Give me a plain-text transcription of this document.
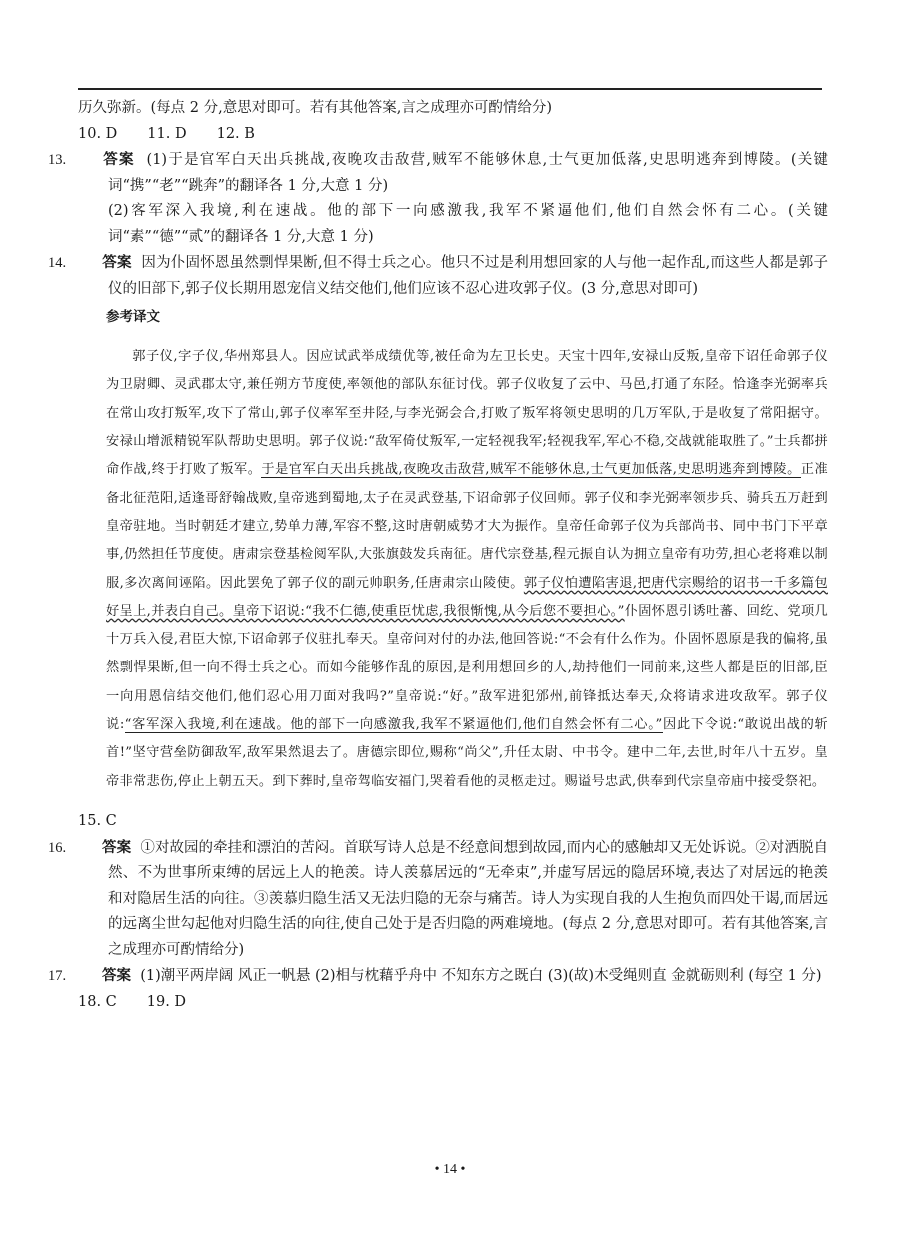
历久弥新。(每点 2 分,意思对即可。若有其他答案,言之成理亦可酌情给分)

10. D 11. D 12. B

13. 答案 (1)于是官军白天出兵挑战,夜晚攻击敌营,贼军不能够休息,士气更加低落,史思明逃奔到博陵。(关键词“携”“老”“跳奔”的翻译各 1 分,大意 1 分)

(2)客军深入我境,利在速战。他的部下一向感激我,我军不紧逼他们,他们自然会怀有二心。(关键词“素”“德”“贰”的翻译各 1 分,大意 1 分)

14. 答案 因为仆固怀恩虽然剽悍果断,但不得士兵之心。他只不过是利用想回家的人与他一起作乱,而这些人都是郭子仪的旧部下,郭子仪长期用恩宠信义结交他们,他们应该不忍心进攻郭子仪。(3 分,意思对即可)

参考译文

郭子仪,字子仪,华州郑县人。因应试武举成绩优等,被任命为左卫长史。天宝十四年,安禄山反叛,皇帝下诏任命郭子仪为卫尉卿、灵武郡太守,兼任朔方节度使,率领他的部队东征讨伐。郭子仪收复了云中、马邑,打通了东陉。恰逢李光弼率兵在常山攻打叛军,攻下了常山,郭子仪率军至井陉,与李光弼会合,打败了叛军将领史思明的几万军队,于是收复了常阳据守。安禄山增派精锐军队帮助史思明。郭子仪说:“敌军倚仗叛军,一定轻视我军;轻视我军,军心不稳,交战就能取胜了。”士兵都拼命作战,终于打败了叛军。于是官军白天出兵挑战,夜晚攻击敌营,贼军不能够休息,士气更加低落,史思明逃奔到博陵。正准备北征范阳,适逢哥舒翰战败,皇帝逃到蜀地,太子在灵武登基,下诏命郭子仪回师。郭子仪和李光弼率领步兵、骑兵五万赶到皇帝驻地。当时朝廷才建立,势单力薄,军容不整,这时唐朝威势才大为振作。皇帝任命郭子仪为兵部尚书、同中书门下平章事,仍然担任节度使。唐肃宗登基检阅军队,大张旗鼓发兵南征。唐代宗登基,程元振自认为拥立皇帝有功劳,担心老将难以制服,多次离间诬陷。因此罢免了郭子仪的副元帅职务,任唐肃宗山陵使。郭子仪怕遭陷害退,把唐代宗赐给的诏书一千多篇包好呈上,并表白自己。皇帝下诏说:“我不仁德,使重臣忧虑,我很惭愧,从今后您不要担心。”仆固怀恩引诱吐蕃、回纥、党项几十万兵入侵,君臣大惊,下诏命郭子仪驻扎奉天。皇帝问对付的办法,他回答说:“不会有什么作为。仆固怀恩原是我的偏将,虽然剽悍果断,但一向不得士兵之心。而如今能够作乱的原因,是利用想回乡的人,劫持他们一同前来,这些人都是臣的旧部,臣一向用恩信结交他们,他们忍心用刀面对我吗?”皇帝说:“好。”敌军进犯邠州,前锋抵达奉天,众将请求进攻敌军。郭子仪说:“客军深入我境,利在速战。他的部下一向感激我,我军不紧逼他们,他们自然会怀有二心。”因此下令说:“敢说出战的斩首!”坚守营垒防御敌军,敌军果然退去了。唐德宗即位,赐称“尚父”,升任太尉、中书令。建中二年,去世,时年八十五岁。皇帝非常悲伤,停止上朝五天。到下葬时,皇帝驾临安福门,哭着看他的灵柩走过。赐谥号忠武,供奉到代宗皇帝庙中接受祭祀。

15. C

16. 答案 ①对故园的牵挂和漂泊的苦闷。首联写诗人总是不经意间想到故园,而内心的感触却又无处诉说。②对洒脱自然、不为世事所束缚的居远上人的艳羡。诗人羡慕居远的“无牵束”,并虚写居远的隐居环境,表达了对居远的艳羡和对隐居生活的向往。③羡慕归隐生活又无法归隐的无奈与痛苦。诗人为实现自我的人生抱负而四处干谒,而居远的远离尘世勾起他对归隐生活的向往,使自己处于是否归隐的两难境地。(每点 2 分,意思对即可。若有其他答案,言之成理亦可酌情给分)

17. 答案 (1)潮平两岸阔 风正一帆悬 (2)相与枕藉乎舟中 不知东方之既白 (3)(故)木受绳则直 金就砺则利 (每空 1 分)

18. C 19. D
• 14 •
